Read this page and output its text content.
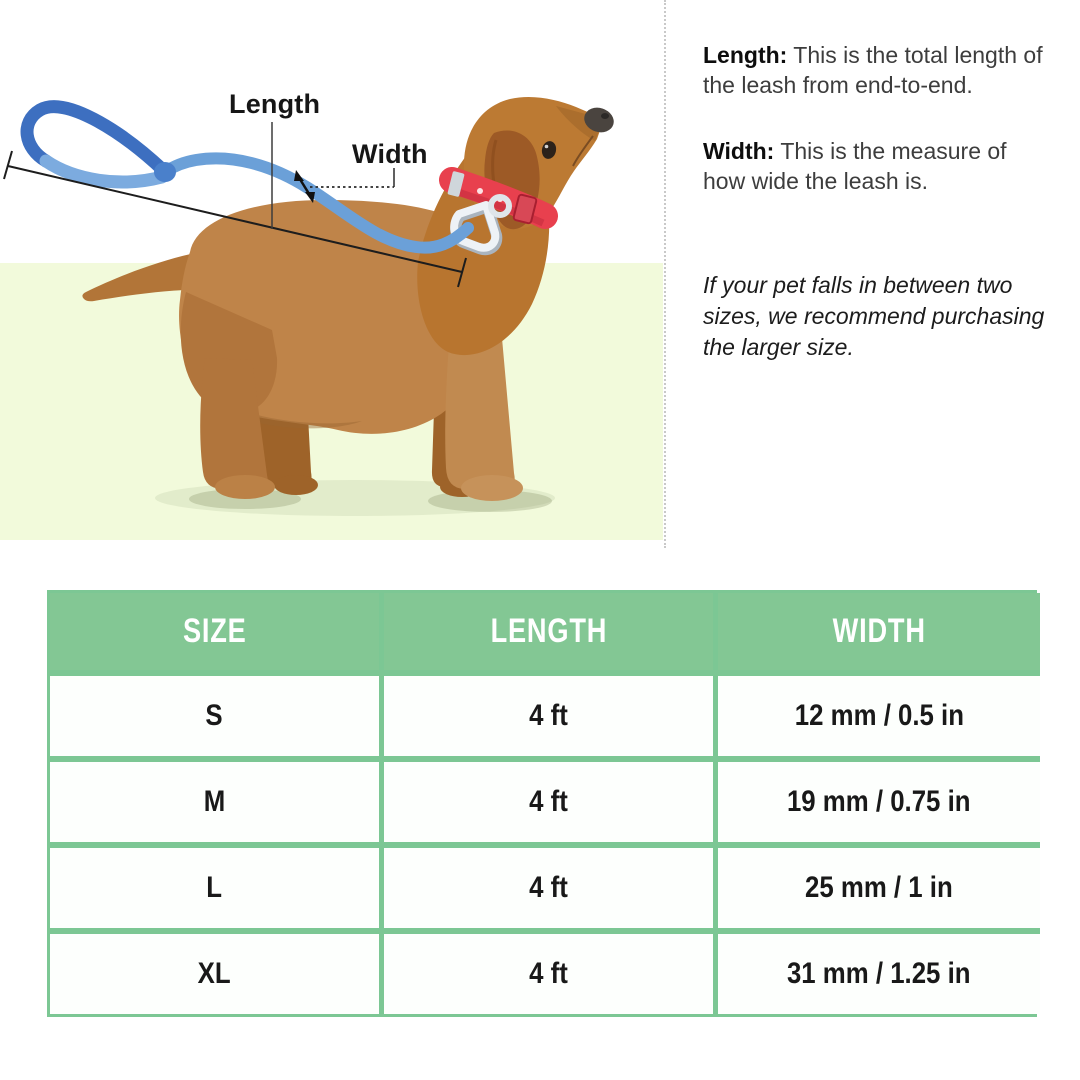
Length
Width

Length: This is the total length of the leash from end-to-end.

Width: This is the measure of how wide the leash is.

If your pet falls in between two sizes, we recommend purchasing the larger size.

SIZE	LENGTH	WIDTH
S	4 ft	12 mm / 0.5 in
M	4 ft	19 mm / 0.75 in
L	4 ft	25 mm / 1 in
XL	4 ft	31 mm / 1.25 in
